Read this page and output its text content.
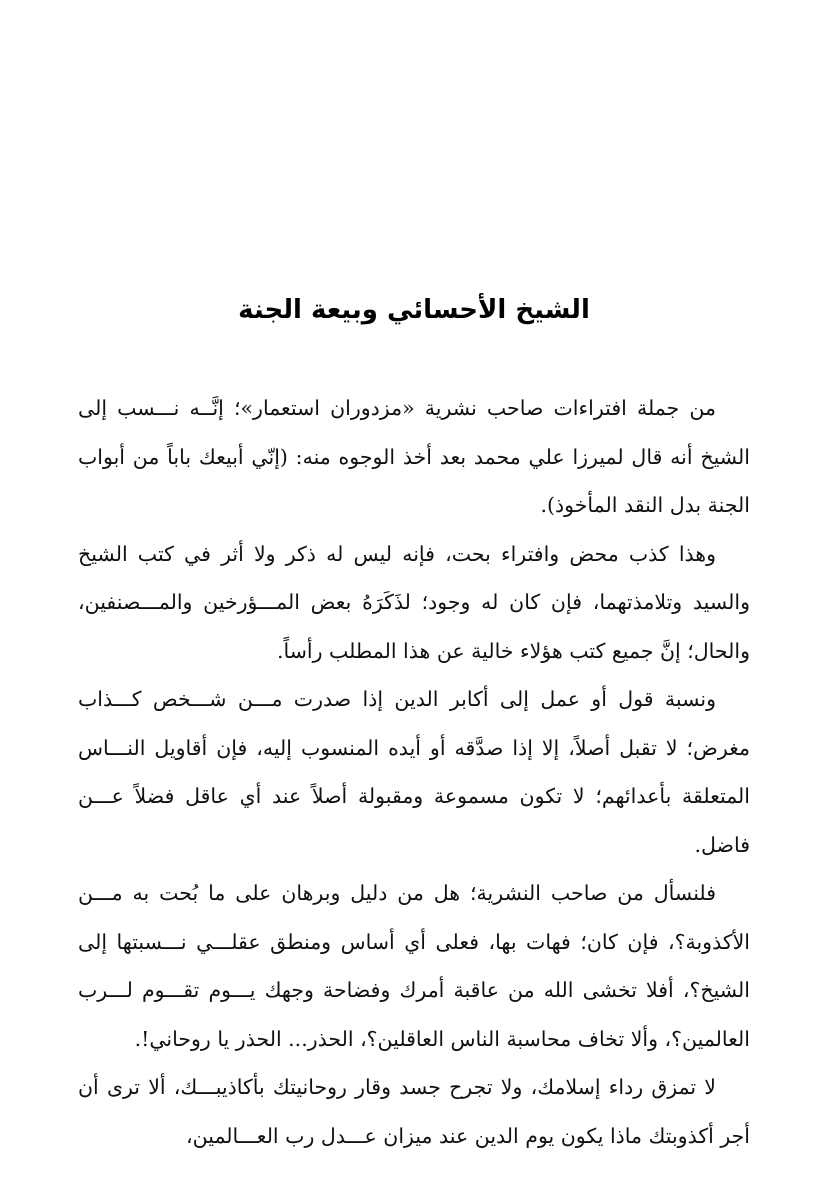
الشيخ الأحسائي وبيعة الجنة

من جملة افتراءات صاحب نشرية «مزدوران استعمار»؛ إنَّــه نـــسب إلى الشيخ أنه قال لميرزا علي محمد بعد أخذ الوجوه منه: (إنّي أبيعك باباً من أبواب الجنة بدل النقد المأخوذ).

وهذا كذب محض وافتراء بحت، فإنه ليس له ذكر ولا أثر في كتب الشيخ والسيد وتلامذتهما، فإن كان له وجود؛ لذَكَرَهُ بعض المـــؤرخين والمـــصنفين، والحال؛ إنَّ جميع كتب هؤلاء خالية عن هذا المطلب رأساً.

ونسبة قول أو عمل إلى أكابر الدين إذا صدرت مـــن شـــخص كـــذاب مغرض؛ لا تقبل أصلاً، إلا إذا صدَّقه أو أيده المنسوب إليه، فإن أقاويل النـــاس المتعلقة بأعدائهم؛ لا تكون مسموعة ومقبولة أصلاً عند أي عاقل فضلاً عـــن فاضل.

فلنسأل من صاحب النشرية؛ هل من دليل وبرهان على ما بُحت به مـــن الأكذوبة؟، فإن كان؛ فهات بها، فعلى أي أساس ومنطق عقلـــي نـــسبتها إلى الشيخ؟، أفلا تخشى الله من عاقبة أمرك وفضاحة وجهك يـــوم تقـــوم لـــرب العالمين؟، وألا تخاف محاسبة الناس العاقلين؟، الحذر... الحذر يا روحاني!.

لا تمزق رداء إسلامك، ولا تجرح جسد وقار روحانيتك بأكاذيبـــك، ألا ترى أن أجر أكذوبتك ماذا يكون يوم الدين عند ميزان عـــدل رب العـــالمين،
